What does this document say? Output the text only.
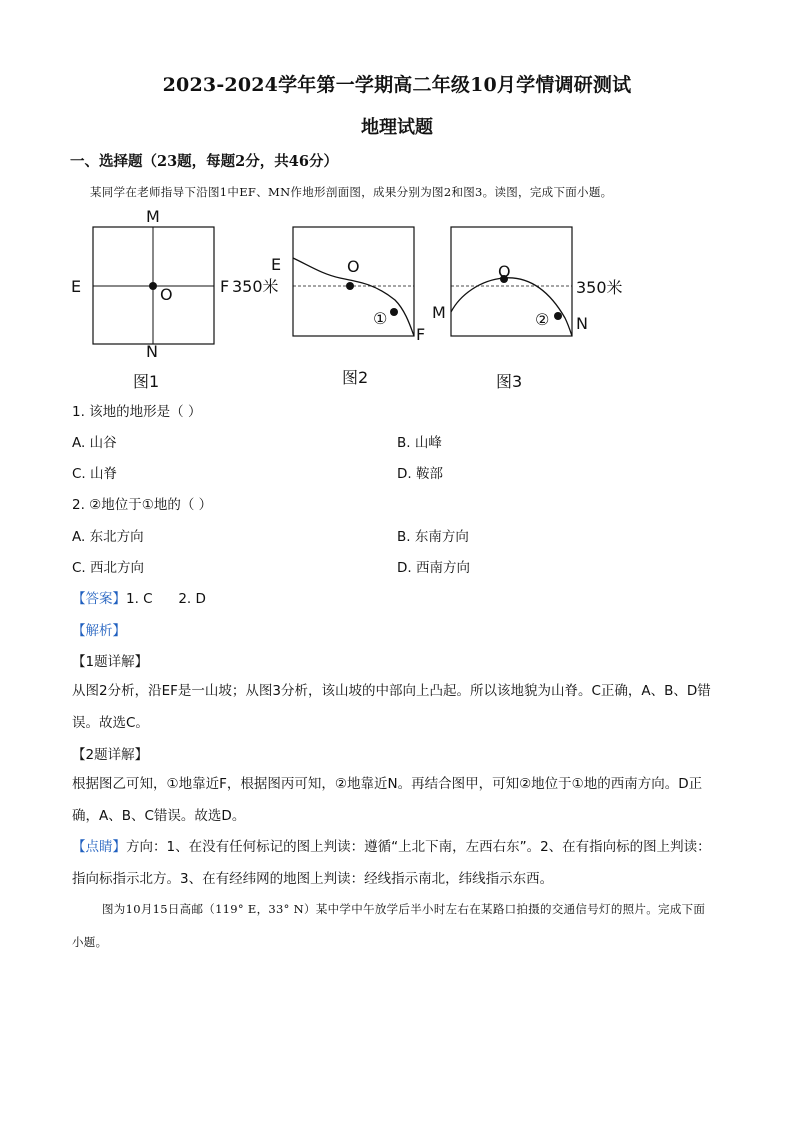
2023-2024学年第一学期高二年级10月学情调研测试
地理试题
一、选择题（23题，每题2分，共46分）
某同学在老师指导下沿图1中EF、MN作地形剖面图，成果分别为图2和图3。读图，完成下面小题。
M
N
E	F
O
图1
E
F
O
①
350米
图2
M
N
O
②
350米
图3
1. 该地的地形是（ ）
A. 山谷	B. 山峰
C. 山脊	D. 鞍部
2. ②地位于①地的（ ）
A. 东北方向	B. 东南方向
C. 西北方向	D. 西南方向
【答案】1. C      2. D
【解析】
【1题详解】
从图2分析，沿EF是一山坡；从图3分析，该山坡的中部向上凸起。所以该地貌为山脊。C正确，A、B、D错误。故选C。
【2题详解】
根据图乙可知，①地靠近F，根据图丙可知，②地靠近N。再结合图甲，可知②地位于①地的西南方向。D正确，A、B、C错误。故选D。
【点睛】方向：1、在没有任何标记的图上判读：遵循“上北下南，左西右东”。2、在有指向标的图上判读：指向标指示北方。3、在有经纬网的地图上判读：经线指示南北，纬线指示东西。
图为10月15日高邮（119° E，33° N）某中学中午放学后半小时左右在某路口拍摄的交通信号灯的照片。完成下面小题。
